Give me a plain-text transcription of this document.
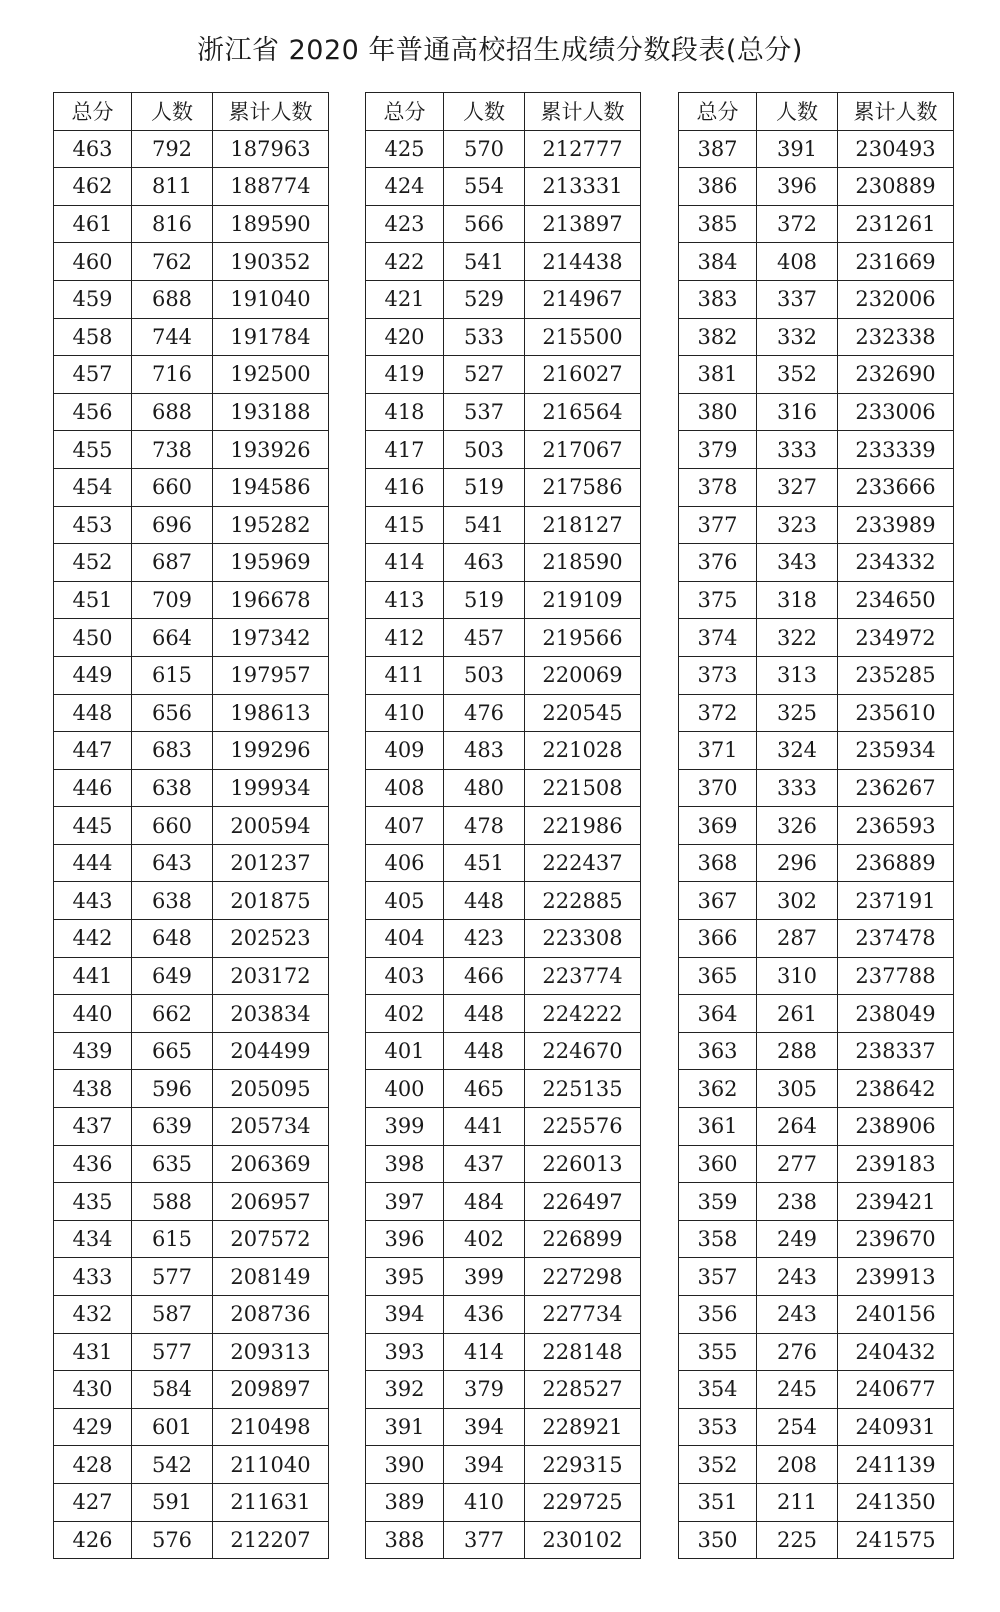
浙江省 2020 年普通高校招生成绩分数段表(总分)
总分	人数	累计人数
463	792	187963
462	811	188774
461	816	189590
460	762	190352
459	688	191040
458	744	191784
457	716	192500
456	688	193188
455	738	193926
454	660	194586
453	696	195282
452	687	195969
451	709	196678
450	664	197342
449	615	197957
448	656	198613
447	683	199296
446	638	199934
445	660	200594
444	643	201237
443	638	201875
442	648	202523
441	649	203172
440	662	203834
439	665	204499
438	596	205095
437	639	205734
436	635	206369
435	588	206957
434	615	207572
433	577	208149
432	587	208736
431	577	209313
430	584	209897
429	601	210498
428	542	211040
427	591	211631
426	576	212207
总分	人数	累计人数
425	570	212777
424	554	213331
423	566	213897
422	541	214438
421	529	214967
420	533	215500
419	527	216027
418	537	216564
417	503	217067
416	519	217586
415	541	218127
414	463	218590
413	519	219109
412	457	219566
411	503	220069
410	476	220545
409	483	221028
408	480	221508
407	478	221986
406	451	222437
405	448	222885
404	423	223308
403	466	223774
402	448	224222
401	448	224670
400	465	225135
399	441	225576
398	437	226013
397	484	226497
396	402	226899
395	399	227298
394	436	227734
393	414	228148
392	379	228527
391	394	228921
390	394	229315
389	410	229725
388	377	230102
总分	人数	累计人数
387	391	230493
386	396	230889
385	372	231261
384	408	231669
383	337	232006
382	332	232338
381	352	232690
380	316	233006
379	333	233339
378	327	233666
377	323	233989
376	343	234332
375	318	234650
374	322	234972
373	313	235285
372	325	235610
371	324	235934
370	333	236267
369	326	236593
368	296	236889
367	302	237191
366	287	237478
365	310	237788
364	261	238049
363	288	238337
362	305	238642
361	264	238906
360	277	239183
359	238	239421
358	249	239670
357	243	239913
356	243	240156
355	276	240432
354	245	240677
353	254	240931
352	208	241139
351	211	241350
350	225	241575
